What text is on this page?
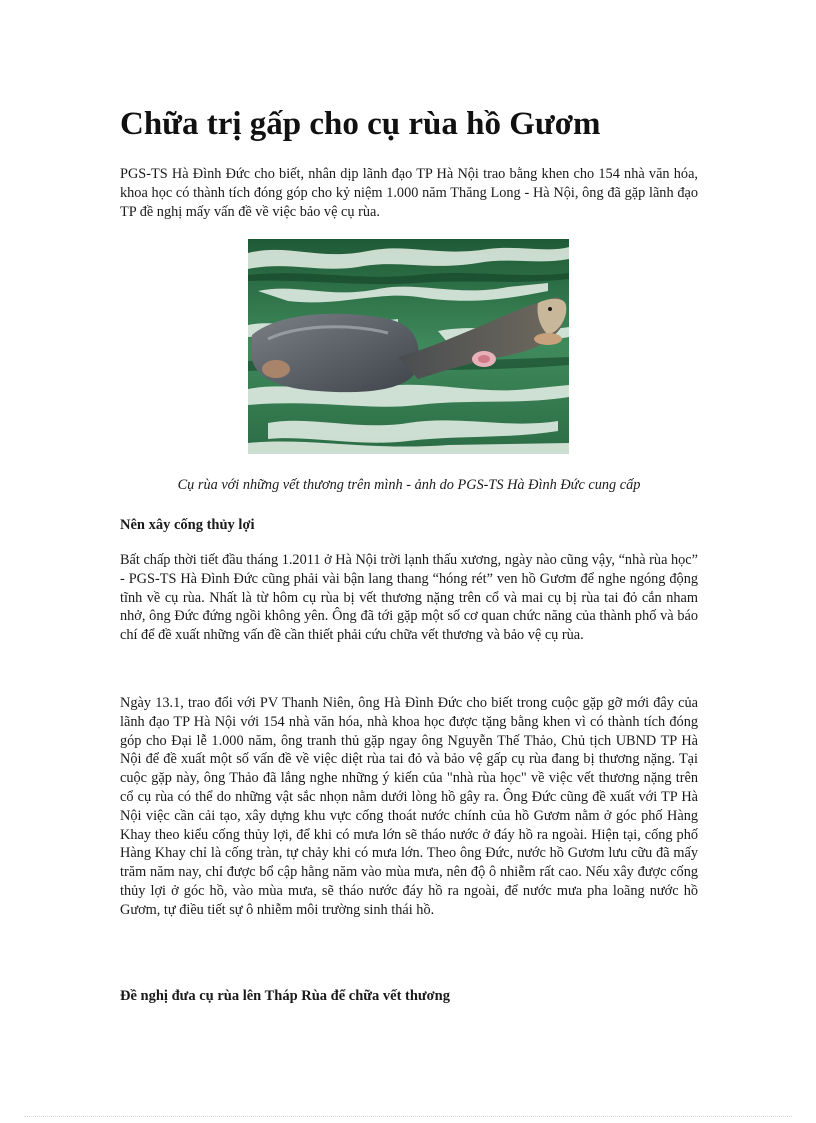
Chữa trị gấp cho cụ rùa hồ Gươm

PGS-TS Hà Đình Đức cho biết, nhân dịp lãnh đạo TP Hà Nội trao bằng khen cho 154 nhà văn hóa, khoa học có thành tích đóng góp cho kỷ niệm 1.000 năm Thăng Long - Hà Nội, ông đã gặp lãnh đạo TP đề nghị mấy vấn đề về việc bảo vệ cụ rùa.

Cụ rùa với những vết thương trên mình - ảnh do PGS-TS Hà Đình Đức cung cấp

Nên xây cống thủy lợi

Bất chấp thời tiết đầu tháng 1.2011 ở Hà Nội trời lạnh thấu xương, ngày nào cũng vậy, “nhà rùa học” - PGS-TS Hà Đình Đức cũng phải vài bận lang thang “hóng rét” ven hồ Gươm để nghe ngóng động tĩnh về cụ rùa. Nhất là từ hôm cụ rùa bị vết thương nặng trên cổ và mai cụ bị rùa tai đỏ cắn nham nhở, ông Đức đứng ngồi không yên. Ông đã tới gặp một số cơ quan chức năng của thành phố và báo chí để đề xuất những vấn đề cần thiết phải cứu chữa vết thương và bảo vệ cụ rùa.

Ngày 13.1, trao đổi với PV Thanh Niên, ông Hà Đình Đức cho biết trong cuộc gặp gỡ mới đây của lãnh đạo TP Hà Nội với 154 nhà văn hóa, nhà khoa học được tặng bằng khen vì có thành tích đóng góp cho Đại lễ 1.000 năm, ông tranh thủ gặp ngay ông Nguyễn Thế Thảo, Chủ tịch UBND TP Hà Nội để đề xuất một số vấn đề về việc diệt rùa tai đỏ và bảo vệ gấp cụ rùa đang bị thương nặng. Tại cuộc gặp này, ông Thảo đã lắng nghe những ý kiến của "nhà rùa học" về việc vết thương nặng trên cổ cụ rùa có thể do những vật sắc nhọn nằm dưới lòng hồ gây ra. Ông Đức cũng đề xuất với TP Hà Nội việc cần cải tạo, xây dựng khu vực cống thoát nước chính của hồ Gươm nằm ở góc phố Hàng Khay theo kiểu cống thủy lợi, để khi có mưa lớn sẽ tháo nước ở đáy hồ ra ngoài. Hiện tại, cống phố Hàng Khay chỉ là cống tràn, tự chảy khi có mưa lớn. Theo ông Đức, nước hồ Gươm lưu cữu đã mấy trăm năm nay, chỉ được bổ cập hằng năm vào mùa mưa, nên độ ô nhiễm rất cao. Nếu xây được cống thủy lợi ở góc hồ, vào mùa mưa, sẽ tháo nước đáy hồ ra ngoài, để nước mưa pha loãng nước hồ Gươm, tự điều tiết sự ô nhiễm môi trường sinh thái hồ.

Đề nghị đưa cụ rùa lên Tháp Rùa để chữa vết thương
